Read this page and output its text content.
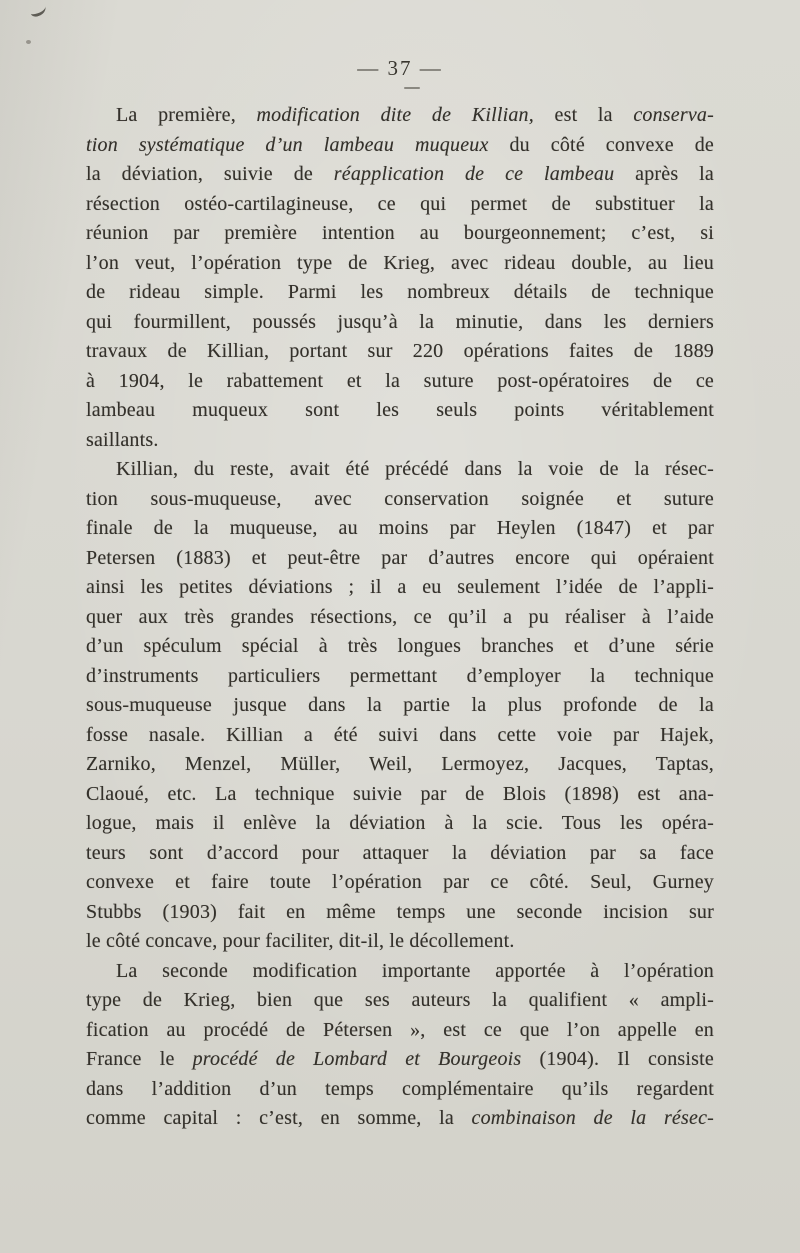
— 37 —
La première, modification dite de Killian, est la conserva-
tion systématique d’un lambeau muqueux du côté convexe de
la déviation, suivie de réapplication de ce lambeau après la
résection ostéo-cartilagineuse, ce qui permet de substituer la
réunion par première intention au bourgeonnement; c’est, si
l’on veut, l’opération type de Krieg, avec rideau double, au lieu
de rideau simple. Parmi les nombreux détails de technique
qui fourmillent, poussés jusqu’à la minutie, dans les derniers
travaux de Killian, portant sur 220 opérations faites de 1889
à 1904, le rabattement et la suture post-opératoires de ce
lambeau muqueux sont les seuls points véritablement
saillants.
Killian, du reste, avait été précédé dans la voie de la résec-
tion sous-muqueuse, avec conservation soignée et suture
finale de la muqueuse, au moins par Heylen (1847) et par
Petersen (1883) et peut-être par d’autres encore qui opéraient
ainsi les petites déviations ; il a eu seulement l’idée de l’appli-
quer aux très grandes résections, ce qu’il a pu réaliser à l’aide
d’un spéculum spécial à très longues branches et d’une série
d’instruments particuliers permettant d’employer la technique
sous-muqueuse jusque dans la partie la plus profonde de la
fosse nasale. Killian a été suivi dans cette voie par Hajek,
Zarniko, Menzel, Müller, Weil, Lermoyez, Jacques, Taptas,
Claoué, etc. La technique suivie par de Blois (1898) est ana-
logue, mais il enlève la déviation à la scie. Tous les opéra-
teurs sont d’accord pour attaquer la déviation par sa face
convexe et faire toute l’opération par ce côté. Seul, Gurney
Stubbs (1903) fait en même temps une seconde incision sur
le côté concave, pour faciliter, dit-il, le décollement.
La seconde modification importante apportée à l’opération
type de Krieg, bien que ses auteurs la qualifient « ampli-
fication au procédé de Pétersen », est ce que l’on appelle en
France le procédé de Lombard et Bourgeois (1904). Il consiste
dans l’addition d’un temps complémentaire qu’ils regardent
comme capital : c’est, en somme, la combinaison de la résec-
